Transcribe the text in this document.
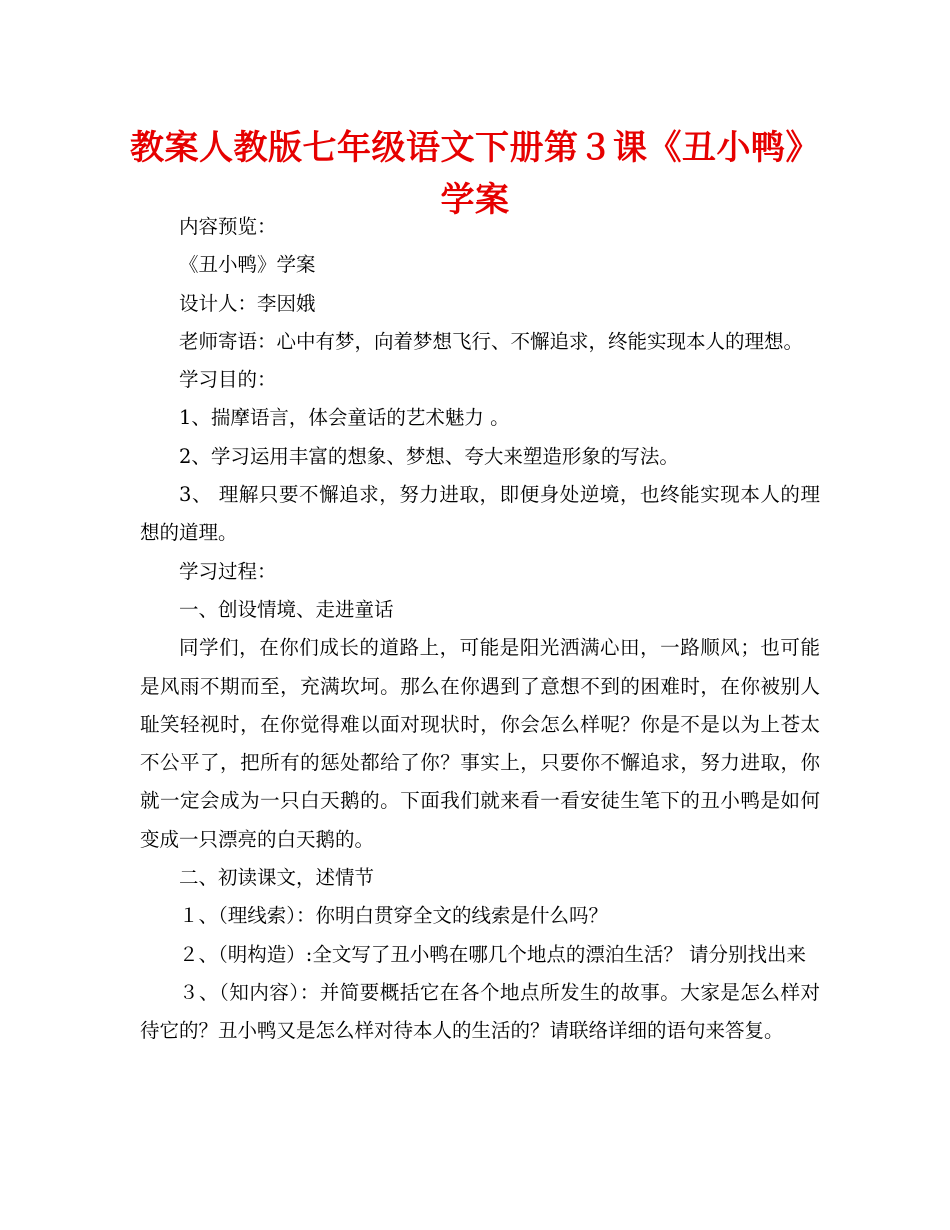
教案人教版七年级语文下册第３课《丑小鸭》学案

内容预览：

《丑小鸭》学案

设计人：李因娥

老师寄语：心中有梦，向着梦想飞行、不懈追求，终能实现本人的理想。

学习目的：

1、揣摩语言，体会童话的艺术魅力 。

2、学习运用丰富的想象、梦想、夸大来塑造形象的写法。

3、 理解只要不懈追求，努力进取，即便身处逆境，也终能实现本人的理想的道理。

学习过程：

一、创设情境、走进童话

同学们，在你们成长的道路上，可能是阳光洒满心田，一路顺风；也可能是风雨不期而至，充满坎坷。那么在你遇到了意想不到的困难时，在你被别人耻笑轻视时，在你觉得难以面对现状时，你会怎么样呢？你是不是以为上苍太不公平了，把所有的惩处都给了你？事实上，只要你不懈追求，努力进取，你就一定会成为一只白天鹅的。下面我们就来看一看安徒生笔下的丑小鸭是如何变成一只漂亮的白天鹅的。

二、初读课文，述情节

１、（理线索）：你明白贯穿全文的线索是什么吗？

２、（明构造）:全文写了丑小鸭在哪几个地点的漂泊生活？ 请分别找出来

３、（知内容）：并简要概括它在各个地点所发生的故事。大家是怎么样对待它的？丑小鸭又是怎么样对待本人的生活的？请联络详细的语句来答复。
